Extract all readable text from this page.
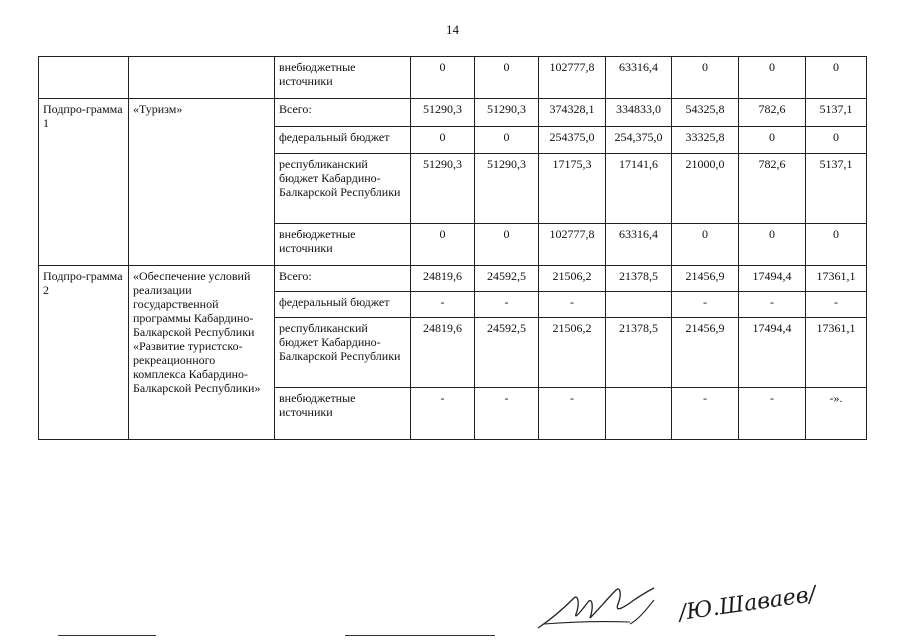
14
		внебюджетные источники	0	0	102777,8	63316,4	0	0	0
Подпро-грамма 1	«Туризм»	Всего:	51290,3	51290,3	374328,1	334833,0	54325,8	782,6	5137,1
		федеральный бюджет	0	0	254375,0	254,375,0	33325,8	0	0
		республиканский бюджет Кабардино-Балкарской Республики	51290,3	51290,3	17175,3	17141,6	21000,0	782,6	5137,1
		внебюджетные источники	0	0	102777,8	63316,4	0	0	0
Подпро-грамма 2	«Обеспечение условий реализации государственной программы Кабардино-Балкарской Республики «Развитие туристско-рекреационного комплекса Кабардино-Балкарской Республики»	Всего:	24819,6	24592,5	21506,2	21378,5	21456,9	17494,4	17361,1
		федеральный бюджет	-	-	-		-	-	-
		республиканский бюджет Кабардино-Балкарской Республики	24819,6	24592,5	21506,2	21378,5	21456,9	17494,4	17361,1
		внебюджетные источники	-	-	-		-	-	-».
/Ю.Шаваев/
